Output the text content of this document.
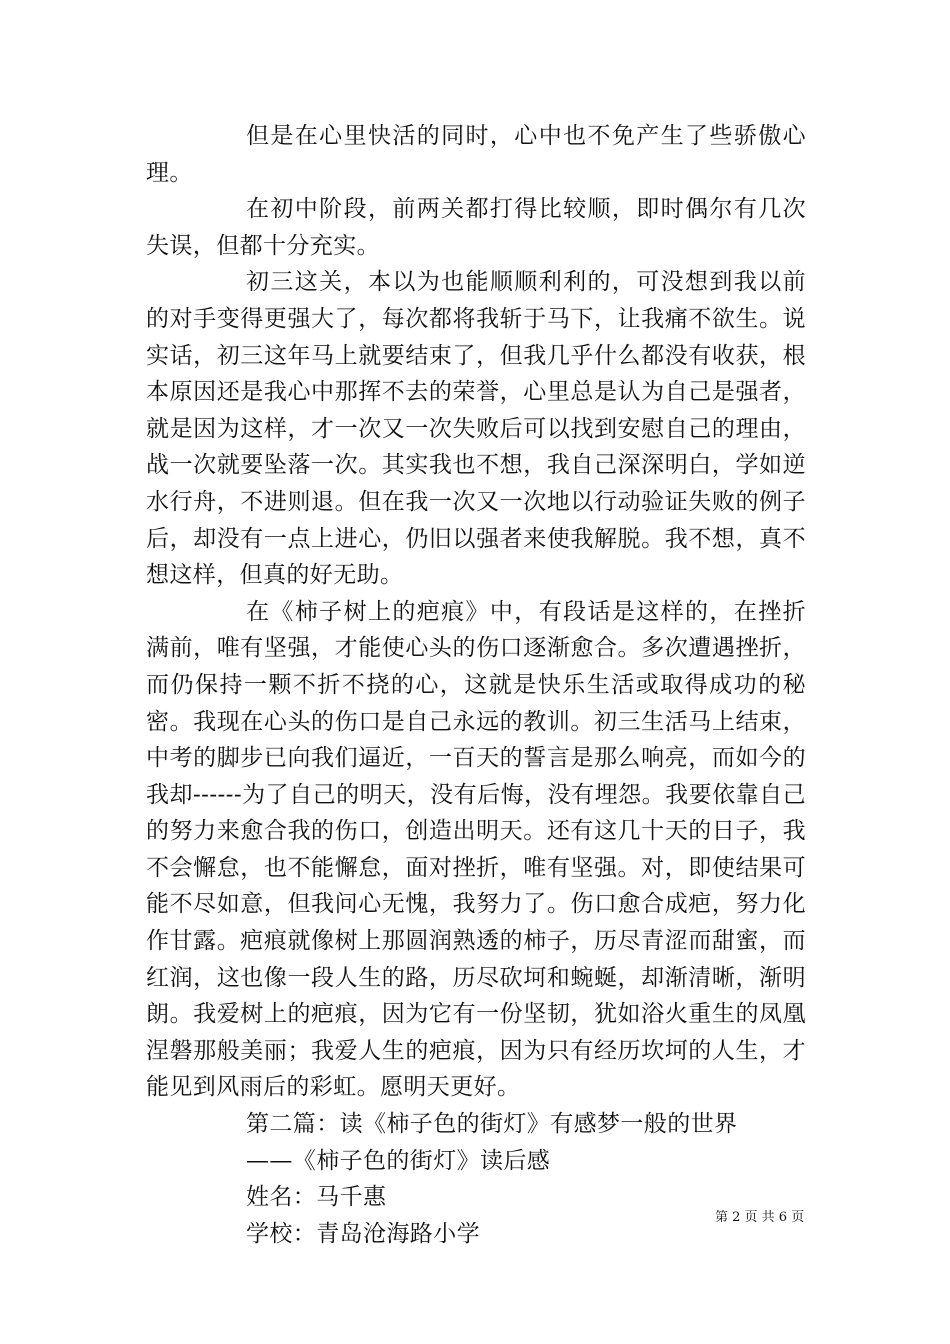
但是在心里快活的同时，心中也不免产生了些骄傲心理。

在初中阶段，前两关都打得比较顺，即时偶尔有几次失误，但都十分充实。

初三这关，本以为也能顺顺利利的，可没想到我以前的对手变得更强大了，每次都将我斩于马下，让我痛不欲生。说实话，初三这年马上就要结束了，但我几乎什么都没有收获，根本原因还是我心中那挥不去的荣誉，心里总是认为自己是强者，就是因为这样，才一次又一次失败后可以找到安慰自己的理由，战一次就要坠落一次。其实我也不想，我自己深深明白，学如逆水行舟，不进则退。但在我一次又一次地以行动验证失败的例子后，却没有一点上进心，仍旧以强者来使我解脱。我不想，真不想这样，但真的好无助。

在《柿子树上的疤痕》中，有段话是这样的，在挫折满前，唯有坚强，才能使心头的伤口逐渐愈合。多次遭遇挫折，而仍保持一颗不折不挠的心，这就是快乐生活或取得成功的秘密。我现在心头的伤口是自己永远的教训。初三生活马上结束，中考的脚步已向我们逼近，一百天的誓言是那么响亮，而如今的我却------为了自己的明天，没有后悔，没有埋怨。我要依靠自己的努力来愈合我的伤口，创造出明天。还有这几十天的日子，我不会懈怠，也不能懈怠，面对挫折，唯有坚强。对，即使结果可能不尽如意，但我问心无愧，我努力了。伤口愈合成疤，努力化作甘露。疤痕就像树上那圆润熟透的柿子，历尽青涩而甜蜜，而红润，这也像一段人生的路，历尽砍坷和蜿蜒，却渐清晰，渐明朗。我爱树上的疤痕，因为它有一份坚韧，犹如浴火重生的凤凰涅磐那般美丽；我爱人生的疤痕，因为只有经历坎坷的人生，才能见到风雨后的彩虹。愿明天更好。

第二篇：读《柿子色的街灯》有感梦一般的世界

——《柿子色的街灯》读后感

姓名：马千惠

学校：青岛沧海路小学

第 2 页 共 6 页
